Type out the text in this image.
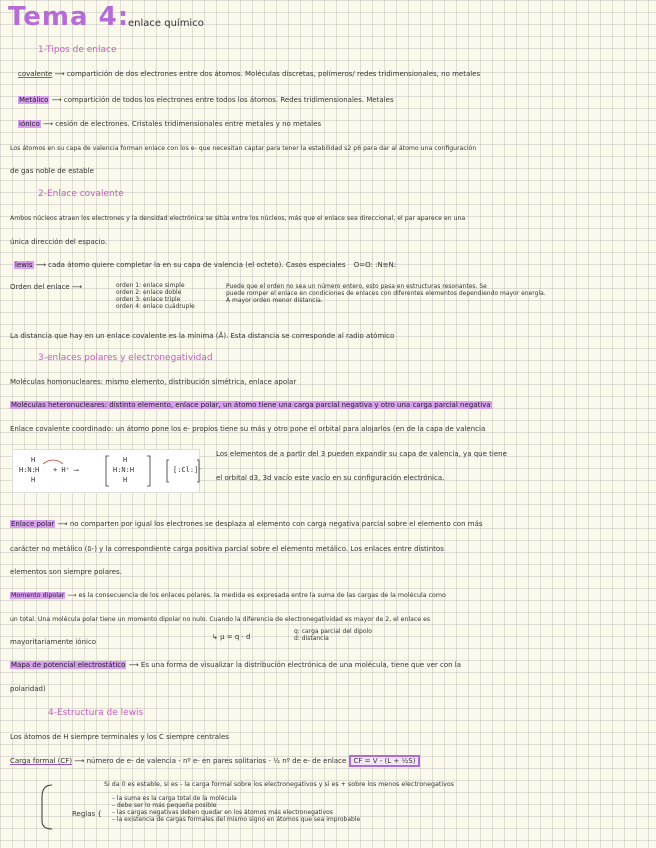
Tema 4:
enlace químico
1-Tipos de enlace
covalente ⟶ compartición de dos electrones entre dos átomos. Moléculas discretas, polímeros/ redes tridimensionales, no metales
Metálico ⟶ compartición de todos los electrones entre todos los átomos. Redes tridimensionales. Metales
iónico ⟶ cesión de electrones. Cristales tridimensionales entre metales y no metales
Los átomos en su capa de valencia forman enlace con los e- que necesitan captar para tener la estabilidad s2 p6 para dar al átomo una configuración
de gas noble de estable
2-Enlace covalente
Ambos núcleos atraen los electrones y la densidad electrónica se sitúa entre los núcleos, más que el enlace sea direccional, el par aparece en una
única dirección del espacio.
lewis ⟶ cada átomo quiere completar la en su capa de valencia (el octeto). Casos especiales O=O: :N≡N:
Orden del enlace ⟶	orden 1: enlace simple
orden 2: enlace doble
orden 3: enlace triple
orden 4: enlace cuádruple
Puede que el orden no sea un número entero, esto pasa en estructuras resonantes. Se
puede romper el enlace en condiciones de enlaces con diferentes elementos dependiendo mayor energía.
A mayor orden menor distancia.
La distancia que hay en un enlace covalente es la mínima (Å). Esta distancia se corresponde al radio atómico
3-enlaces polares y electronegatividad
Moléculas homonucleares: mismo elemento, distribución simétrica, enlace apolar
Moléculas heteronucleares: distinto elemento, enlace polar, un átomo tiene una carga parcial negativa y otro una carga parcial negativa
Enlace covalente coordinado: un átomo pone los e- propios tiene su más y otro pone el orbital para alojarlos (en de la capa de valencia
H
H:N: H
H
+ H⁺ ⟶
H
H:N:H
H
[:Cl:]⁻
Los elementos de a partir del 3 pueden expandir su capa de valencia, ya que tiene
el orbital d3, 3d vacío este vacío en su configuración electrónica.
Enlace polar ⟶ no comparten por igual los electrones se desplaza al elemento con carga negativa parcial sobre el elemento con más
carácter no metálico (δ-) y la correspondiente carga positiva parcial sobre el elemento metálico. Los enlaces entre distintos
elementos son siempre polares.
Momento dipolar ⟶ es la consecuencia de los enlaces polares, la medida es expresada entre la suma de las cargas de la molécula como
un total. Una molécula polar tiene un momento dipolar no nulo. Cuando la diferencia de electronegatividad es mayor de 2, el enlace es
mayoritariamente iónico
↳ μ = q · d
q: carga parcial del dipolo
d: distancia
Mapa de potencial electrostático ⟶ Es una forma de visualizar la distribución electrónica de una molécula, tiene que ver con la
polaridad)
4-Estructura de lewis
Los átomos de H siempre terminales y los C siempre centrales
Carga formal (CF) ⟶ número de e- de valencia - nº e- en pares solitarios - ½ nº de e- de enlace CF = V - (L + ½S)
Si da 0 es estable, si es - la carga formal sobre los electronegativos y si es + sobre los menos electronegativos
Reglas {
– la suma es la carga total de la molécula
– debe ser lo más pequeña posible
– las cargas negativas deben quedar en los átomos más electronegativos
– la existencia de cargas formales del mismo signo en átomos que sea improbable
